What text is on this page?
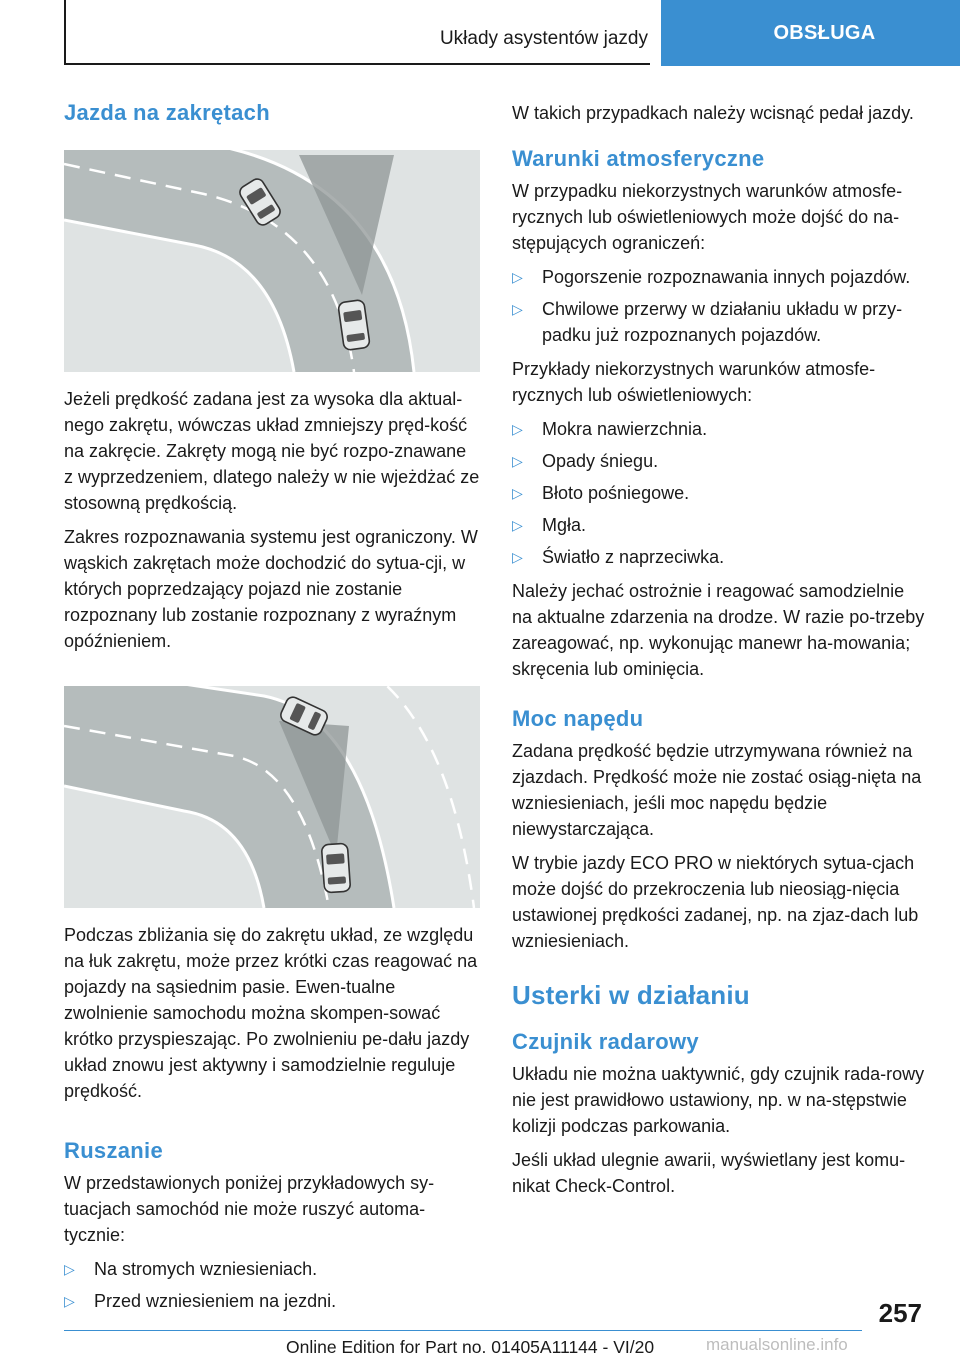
Układy asystentów jazdy	OBSŁUGA
Jazda na zakrętach

Jeżeli prędkość zadana jest za wysoka dla aktual-nego zakrętu, wówczas układ zmniejszy pręd-kość na zakręcie. Zakręty mogą nie być rozpo-znawane z wyprzedzeniem, dlatego należy w nie wjeżdżać ze stosowną prędkością.

Zakres rozpoznawania systemu jest ograniczony. W wąskich zakrętach może dochodzić do sytua-cji, w których poprzedzający pojazd nie zostanie rozpoznany lub zostanie rozpoznany z wyraźnym opóźnieniem.

Podczas zbliżania się do zakrętu układ, ze względu na łuk zakrętu, może przez krótki czas reagować na pojazdy na sąsiednim pasie. Ewen-tualne zwolnienie samochodu można skompen-sować krótko przyspieszając. Po zwolnieniu pe-dału jazdy układ znowu jest aktywny i samodzielnie reguluje prędkość.

Ruszanie

W przedstawionych poniżej przykładowych sy-tuacjach samochód nie może ruszyć automa-tycznie:

▷ Na stromych wzniesieniach.
▷ Przed wzniesieniem na jezdni.

W takich przypadkach należy wcisnąć pedał jazdy.

Warunki atmosferyczne

W przypadku niekorzystnych warunków atmosfe-rycznych lub oświetleniowych może dojść do na-stępujących ograniczeń:

▷ Pogorszenie rozpoznawania innych pojazdów.
▷ Chwilowe przerwy w działaniu układu w przy-padku już rozpoznanych pojazdów.

Przykłady niekorzystnych warunków atmosfe-rycznych lub oświetleniowych:

▷ Mokra nawierzchnia.
▷ Opady śniegu.
▷ Błoto pośniegowe.
▷ Mgła.
▷ Światło z naprzeciwka.

Należy jechać ostrożnie i reagować samodzielnie na aktualne zdarzenia na drodze. W razie po-trzeby zareagować, np. wykonując manewr ha-mowania; skręcenia lub ominięcia.

Moc napędu

Zadana prędkość będzie utrzymywana również na zjazdach. Prędkość może nie zostać osiąg-nięta na wzniesieniach, jeśli moc napędu będzie niewystarczająca.

W trybie jazdy ECO PRO w niektórych sytua-cjach może dojść do przekroczenia lub nieosiąg-nięcia ustawionej prędkości zadanej, np. na zjaz-dach lub wzniesieniach.

Usterki w działaniu
Czujnik radarowy

Układu nie można uaktywnić, gdy czujnik rada-rowy nie jest prawidłowo ustawiony, np. w na-stępstwie kolizji podczas parkowania.

Jeśli układ ulegnie awarii, wyświetlany jest komu-nikat Check-Control.

257
Online Edition for Part no. 01405A11144 - VI/20	manualsonline.info
